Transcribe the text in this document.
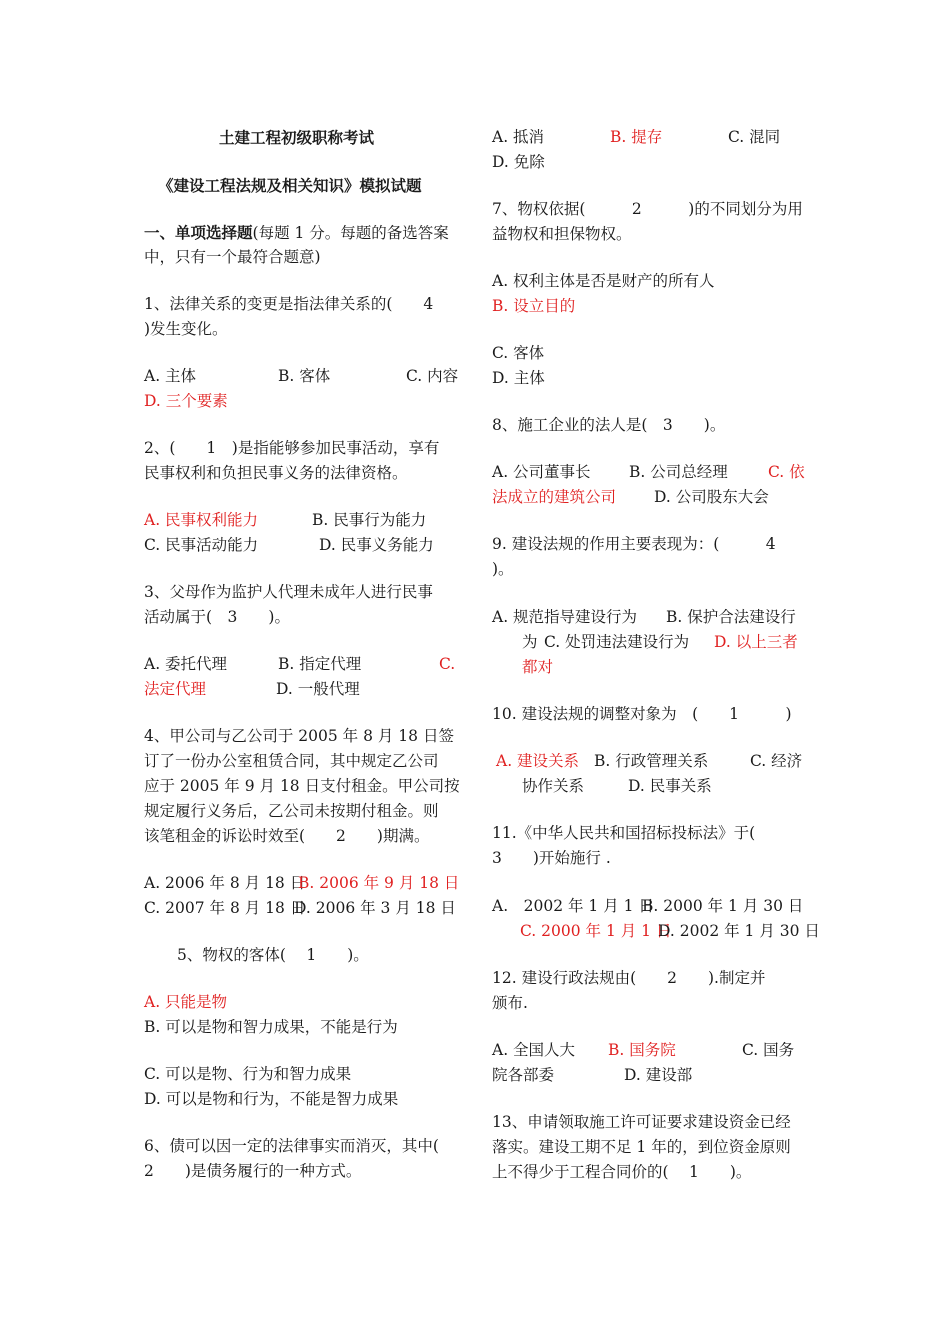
土建工程初级职称考试
《建设工程法规及相关知识》模拟试题
一、单项选择题(每题 1 分。每题的备选答案
中，只有一个最符合题意)
1、法律关系的变更是指法律关系的(　　4
)发生变化。
A. 主体	B. 客体	C. 内容
D. 三个要素
2、(　　1　)是指能够参加民事活动，享有
民事权利和负担民事义务的法律资格。
A. 民事权利能力	B. 民事行为能力
C. 民事活动能力	D. 民事义务能力
3、父母作为监护人代理未成年人进行民事
活动属于(　3　　)。
A. 委托代理	B. 指定代理	C.
法定代理	D. 一般代理
4、甲公司与乙公司于 2005 年 8 月 18 日签
订了一份办公室租赁合同，其中规定乙公司
应于 2005 年 9 月 18 日支付租金。甲公司按
规定履行义务后，乙公司未按期付租金。则
该笔租金的诉讼时效至(　　2　　)期满。
A. 2006 年 8 月 18 日
B. 2006 年 9 月 18 日
C. 2007 年 8 月 18 日
D. 2006 年 3 月 18 日
5、物权的客体(　 1　　)。
A. 只能是物
B. 可以是物和智力成果，不能是行为
C. 可以是物、行为和智力成果
D. 可以是物和行为，不能是智力成果
6、债可以因一定的法律事实而消灭，其中(
2　　)是债务履行的一种方式。
A. 抵消	B. 提存	C. 混同
D. 免除
7、物权依据(　　　2　　　)的不同划分为用
益物权和担保物权。
A. 权利主体是否是财产的所有人
B. 设立目的
C. 客体
D. 主体
8、施工企业的法人是(　3　　)。
A. 公司董事长 B. 公司总经理	C. 依
法成立的建筑公司 D. 公司股东大会
9. 建设法规的作用主要表现为：(　　　4
)。
A. 规范指导建设行为 B. 保护合法建设行
为 C. 处罚违法建设行为 D. 以上三者
都对
10. 建设法规的调整对象为　(　　1　　　)
A. 建设关系 B. 行政管理关系	C. 经济
协作关系	D. 民事关系
11.《中华人民共和国招标投标法》于(
3　　)开始施行 .
A.　2002 年 1 月 1 日
B. 2000 年 1 月 30 日
C. 2000 年 1 月 1 日
D. 2002 年 1 月 30 日
12. 建设行政法规由(　　2　　).制定并
颁布.
A. 全国人大 B. 国务院	C. 国务
院各部委	D. 建设部
13、申请领取施工许可证要求建设资金已经
落实。建设工期不足 1 年的，到位资金原则
上不得少于工程合同价的(　 1　　)。
